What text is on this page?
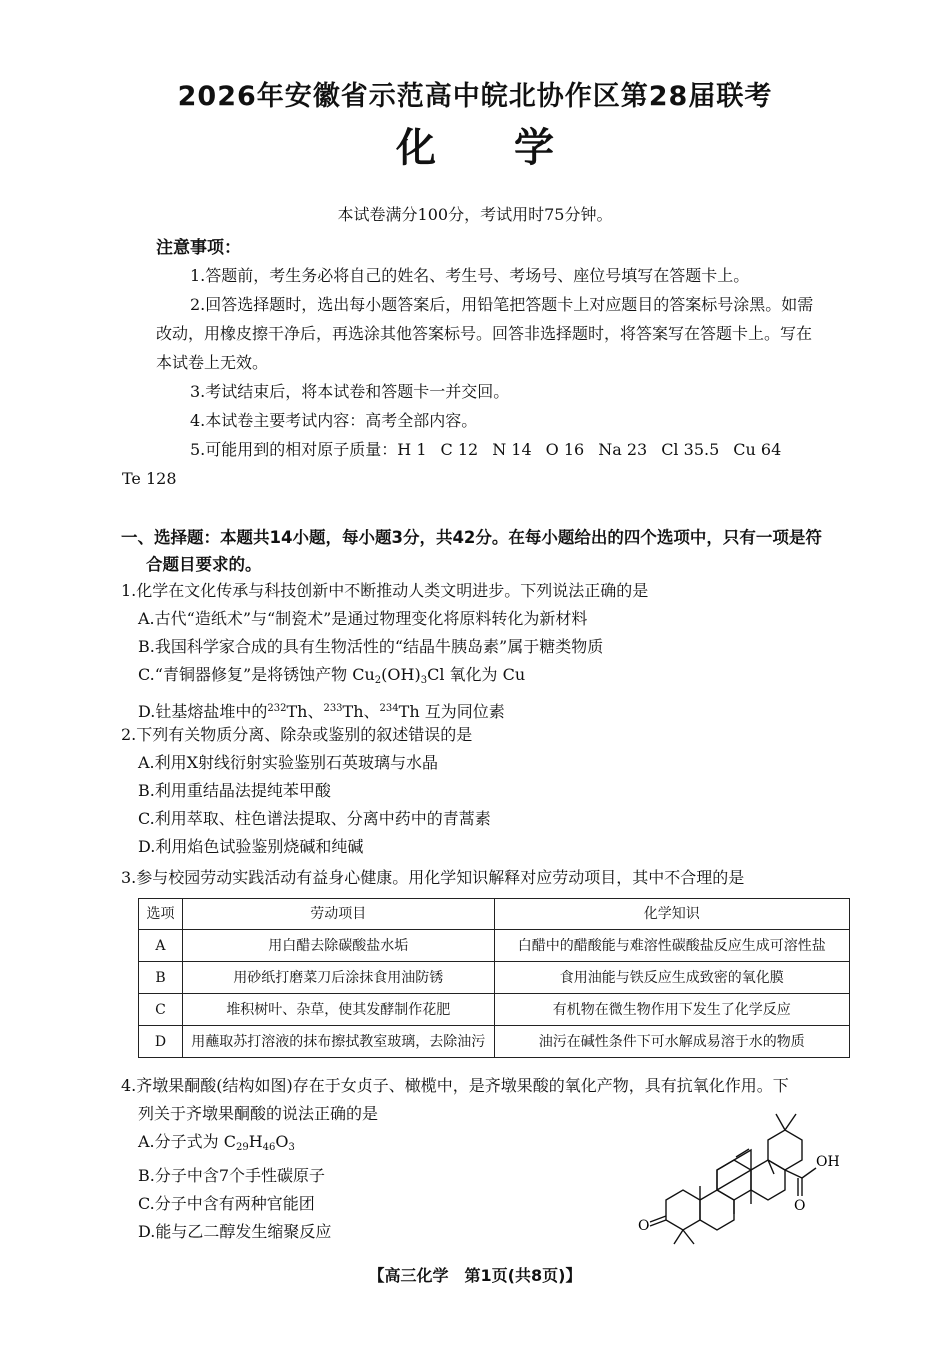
2026年安徽省示范高中皖北协作区第28届联考
化学
本试卷满分100分，考试用时75分钟。
注意事项：

1.答题前，考生务必将自己的姓名、考生号、考场号、座位号填写在答题卡上。

2.回答选择题时，选出每小题答案后，用铅笔把答题卡上对应题目的答案标号涂黑。如需改动，用橡皮擦干净后，再选涂其他答案标号。回答非选择题时，将答案写在答题卡上。写在本试卷上无效。

3.考试结束后，将本试卷和答题卡一并交回。

4.本试卷主要考试内容：高考全部内容。

5.可能用到的相对原子质量：H 1 C 12 N 14 O 16 Na 23 Cl 35.5 Cu 64
Te 128

一、选择题：本题共14小题，每小题3分，共42分。在每小题给出的四个选项中，只有一项是符
合题目要求的。

1.化学在文化传承与科技创新中不断推动人类文明进步。下列说法正确的是

A.古代“造纸术”与“制瓷术”是通过物理变化将原料转化为新材料

B.我国科学家合成的具有生物活性的“结晶牛胰岛素”属于糖类物质

C.“青铜器修复”是将锈蚀产物 $Cu_2(OH)_3Cl$ 氧化为 Cu

D.钍基熔盐堆中的$^{232}$Th、$^{233}$Th、$^{234}$Th 互为同位素

2.下列有关物质分离、除杂或鉴别的叙述错误的是

A.利用X射线衍射实验鉴别石英玻璃与水晶

B.利用重结晶法提纯苯甲酸

C.利用萃取、柱色谱法提取、分离中药中的青蒿素

D.利用焰色试验鉴别烧碱和纯碱

3.参与校园劳动实践活动有益身心健康。用化学知识解释对应劳动项目，其中不合理的是

选项	劳动项目	化学知识
A	用白醋去除碳酸盐水垢	白醋中的醋酸能与难溶性碳酸盐反应生成可溶性盐
B	用砂纸打磨菜刀后涂抹食用油防锈	食用油能与铁反应生成致密的氧化膜
C	堆积树叶、杂草，使其发酵制作花肥	有机物在微生物作用下发生了化学反应
D	用蘸取苏打溶液的抹布擦拭教室玻璃，去除油污	油污在碱性条件下可水解成易溶于水的物质

4.齐墩果酮酸(结构如图)存在于女贞子、橄榄中，是齐墩果酸的氧化产物，具有抗氧化作用。下

列关于齐墩果酮酸的说法正确的是

A.分子式为 $C_{29}H_{46}O_3$

B.分子中含7个手性碳原子

C.分子中含有两种官能团

D.能与乙二醇发生缩聚反应

OH
O
O
【高三化学　第1页(共8页)】
